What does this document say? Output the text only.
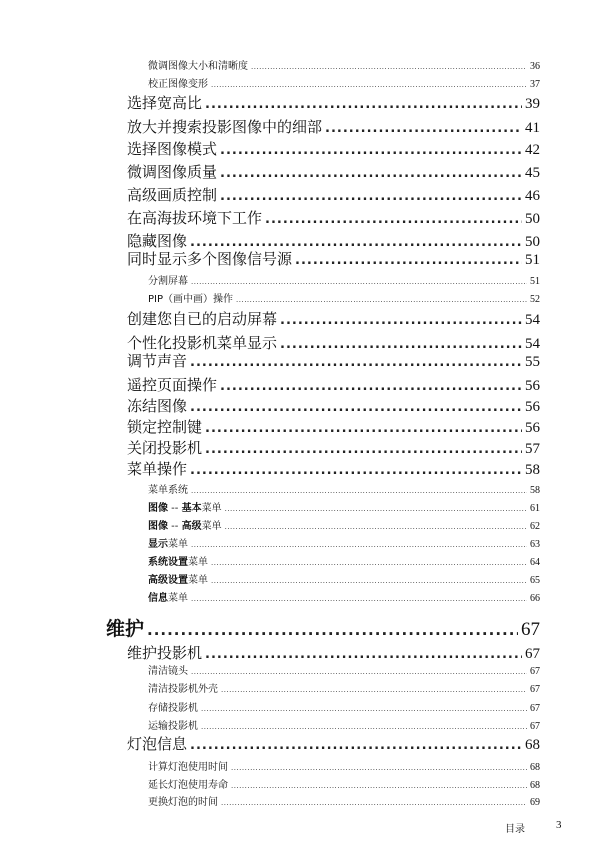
微调图像大小和清晰度 .....	36
校正图像变形 .....	37
选择宽高比 .....	39
放大并搜索投影图像中的细部 .....	41
选择图像模式 .....	42
微调图像质量 .....	45
高级画质控制 .....	46
在高海拔环境下工作 .....	50
隐藏图像 .....	50
同时显示多个图像信号源 .....	51
分割屏幕 .....	51
PIP（画中画）操作 .....	52
创建您自已的启动屏幕 .....	54
个性化投影机菜单显示 .....	54
调节声音 .....	55
遥控页面操作 .....	56
冻结图像 .....	56
锁定控制键 .....	56
关闭投影机 .....	57
菜单操作 .....	58
菜单系统 .....	58
图像 -- 基本菜单 .....	61
图像 -- 高级菜单 .....	62
显示菜单 .....	63
系统设置菜单 .....	64
高级设置菜单 .....	65
信息菜单 .....	66
维护 .....	67
维护投影机 .....	67
清洁镜头 .....	67
清洁投影机外壳 .....	67
存储投影机 .....	67
运输投影机 .....	67
灯泡信息 .....	68
计算灯泡使用时间 .....	68
延长灯泡使用寿命 .....	68
更换灯泡的时间 .....	69
目录	3
